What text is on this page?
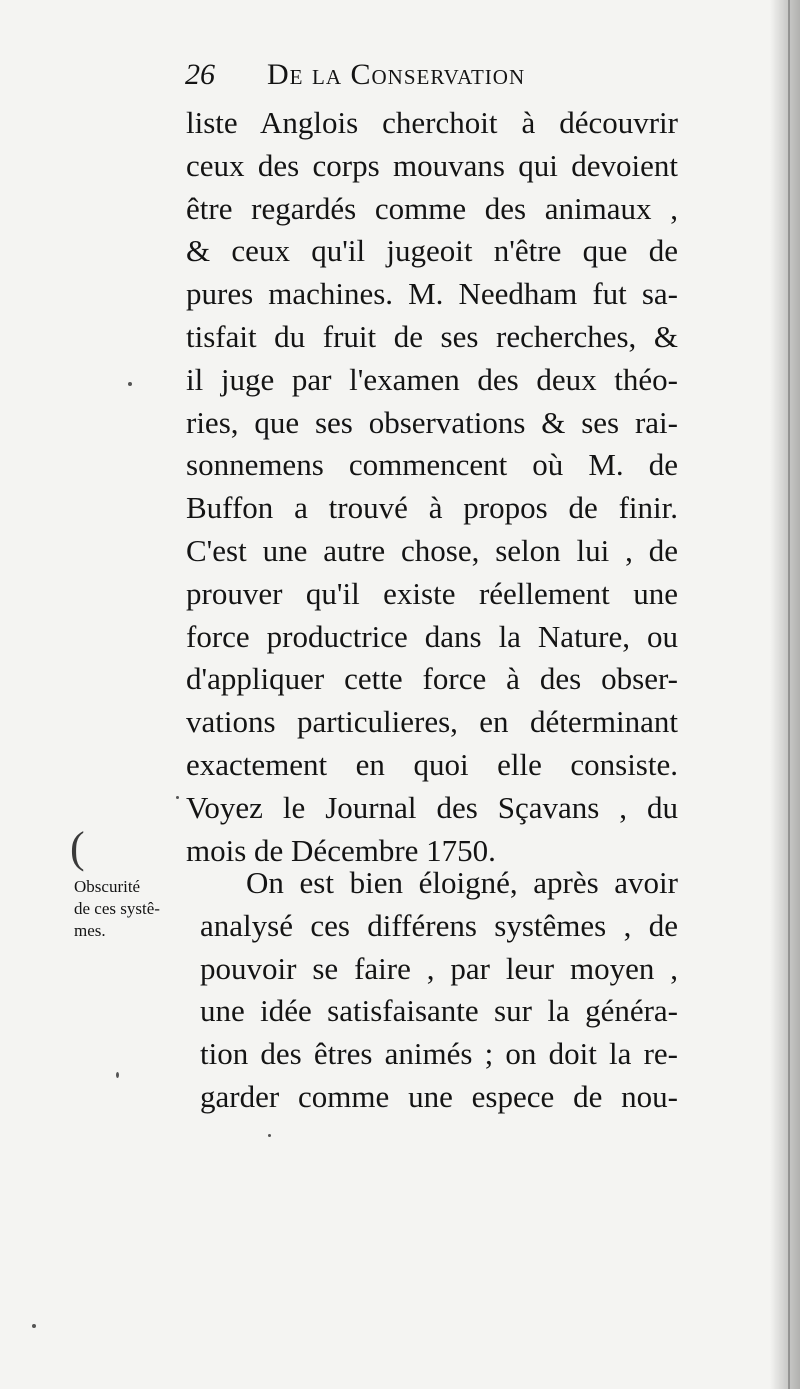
26 De la Conservation
liste Anglois cherchoit à découvrir
ceux des corps mouvans qui devoient
être regardés comme des animaux ,
& ceux qu'il jugeoit n'être que de
pures machines. M. Needham fut sa-
tisfait du fruit de ses recherches, &
il juge par l'examen des deux théo-
ries, que ses observations & ses rai-
sonnemens commencent où M. de
Buffon a trouvé à propos de finir.
C'est une autre chose, selon lui , de
prouver qu'il existe réellement une
force productrice dans la Nature, ou
d'appliquer cette force à des obser-
vations particulieres, en déterminant
exactement en quoi elle consiste.
Voyez le Journal des Sçavans , du
mois de Décembre 1750.
(
Obscurité
de ces systê-
mes.
On est bien éloigné, après avoir
analysé ces différens systêmes , de
pouvoir se faire , par leur moyen ,
une idée satisfaisante sur la généra-
tion des êtres animés ; on doit la re-
garder comme une espece de nou-
